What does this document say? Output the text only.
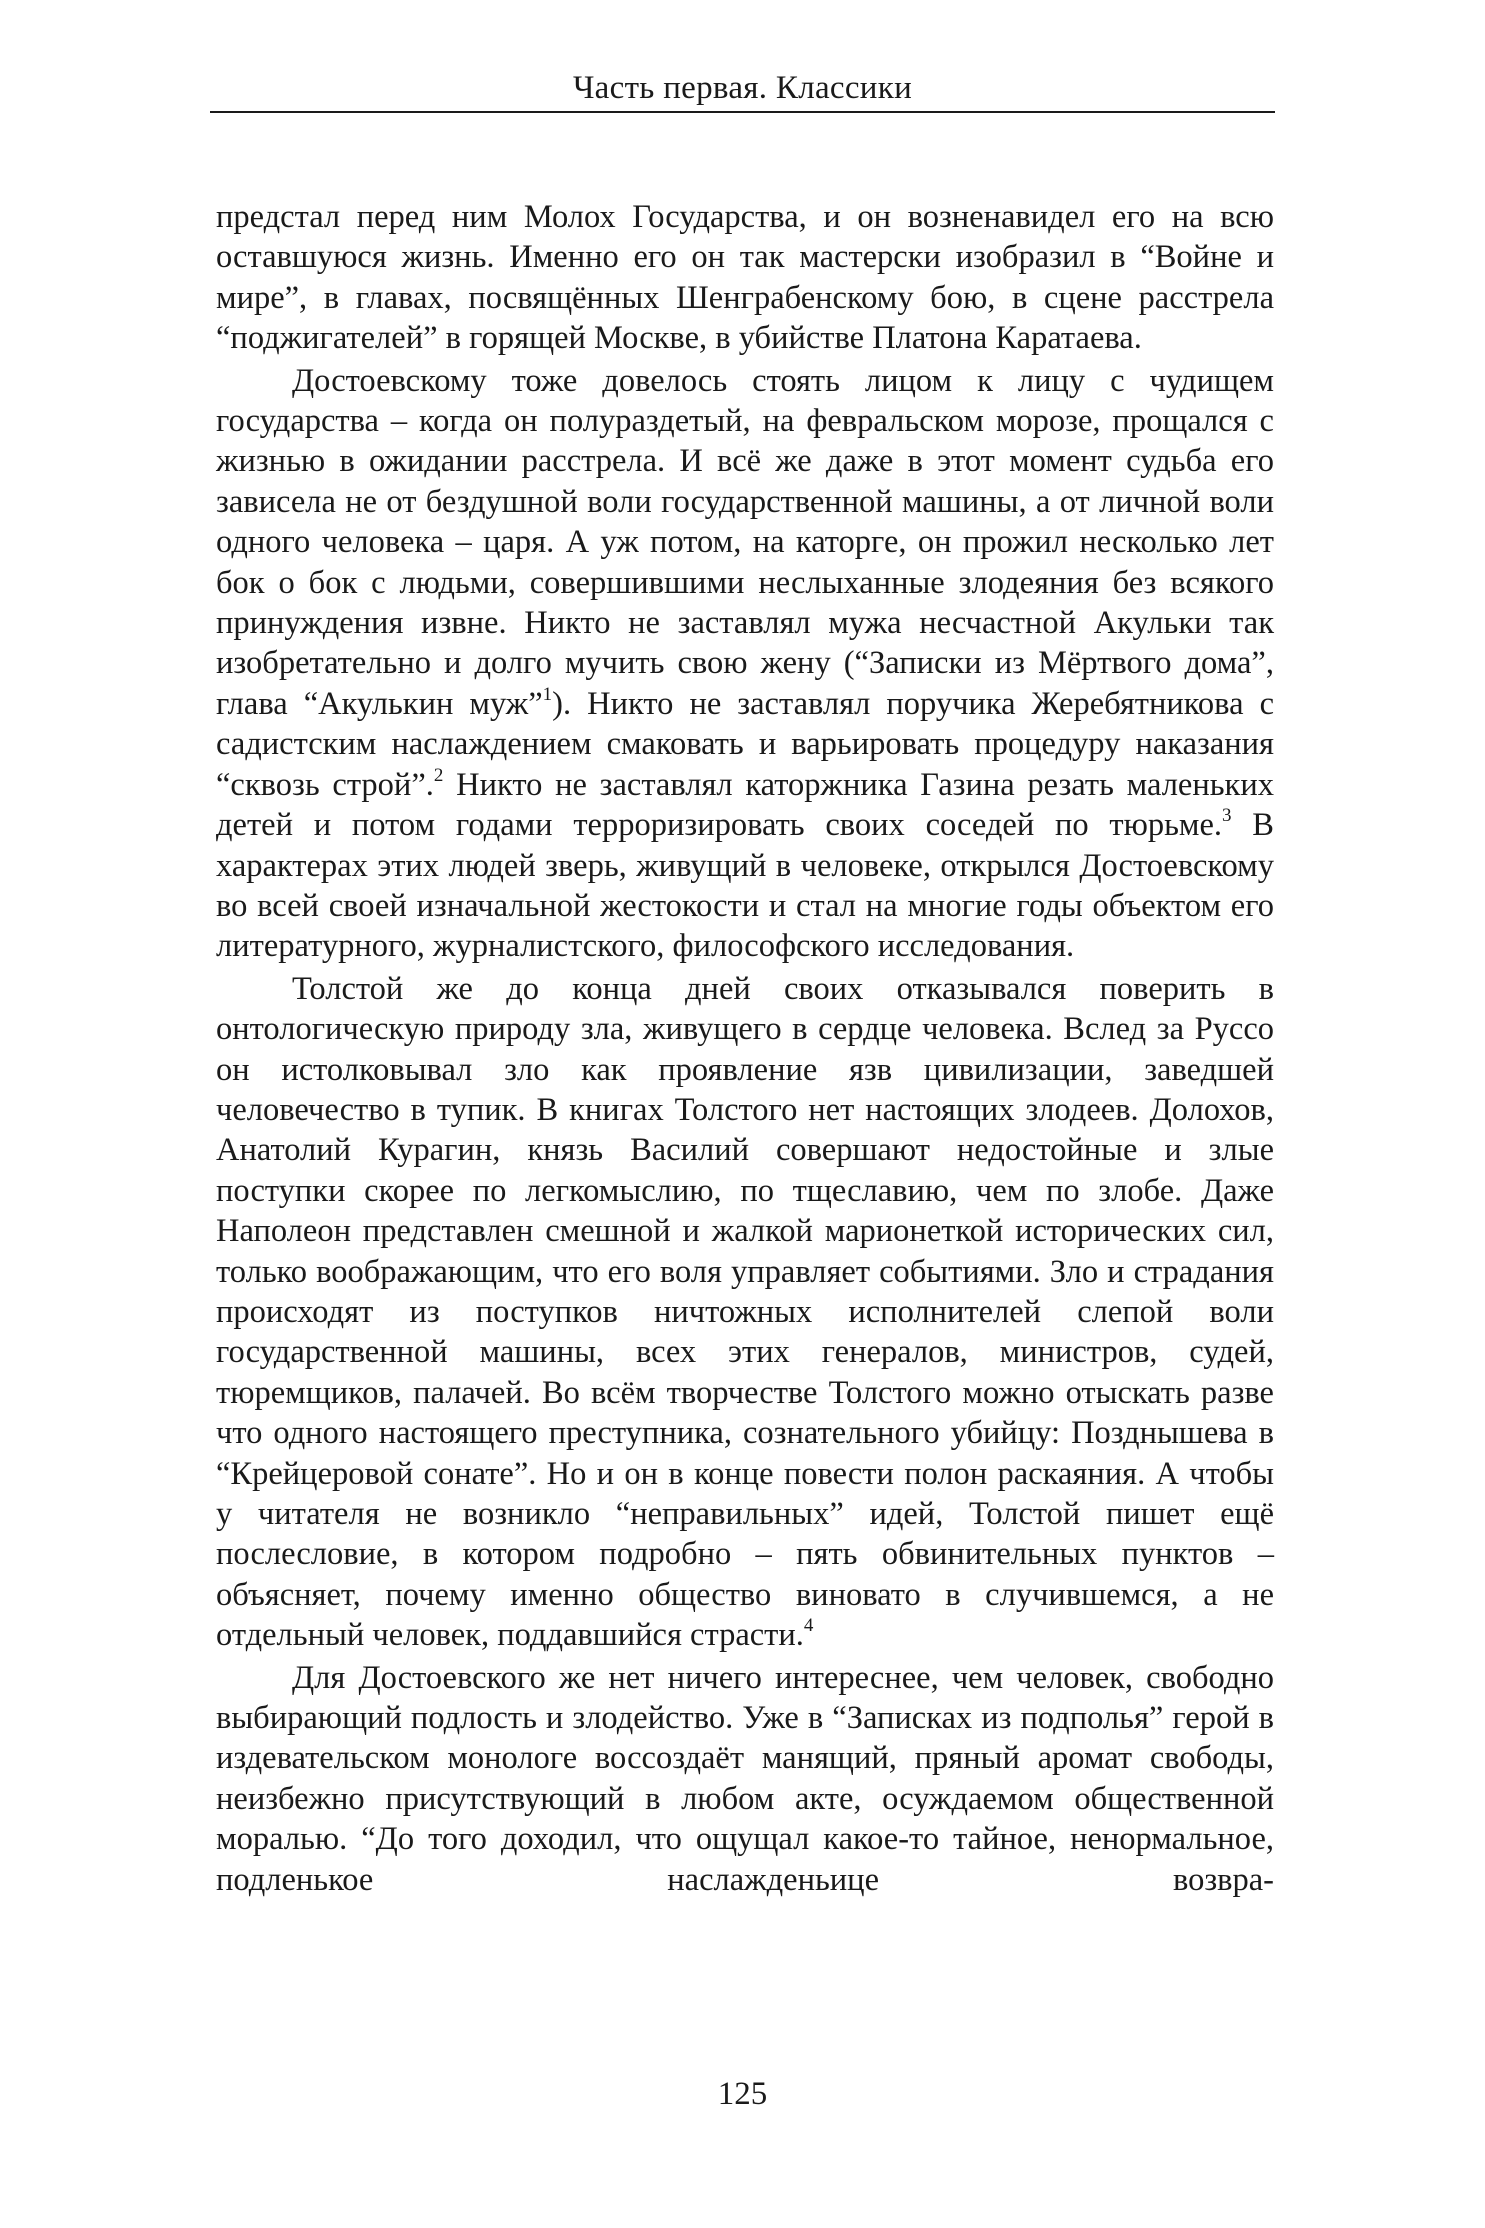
Часть первая. Классики

предстал перед ним Молох Государства, и он возненавидел его на всю оставшуюся жизнь. Именно его он так мастерски изобразил в “Войне и мире”, в главах, посвящённых Шенграбенскому бою, в сцене расстрела “поджигателей” в горящей Москве, в убийстве Платона Каратаева.

Достоевскому тоже довелось стоять лицом к лицу с чудищем государства – когда он полураздетый, на февральском морозе, прощался с жизнью в ожидании расстрела. И всё же даже в этот момент судьба его зависела не от бездушной воли государственной машины, а от личной воли одного человека – царя. А уж потом, на каторге, он прожил несколько лет бок о бок с людьми, совершившими неслыханные злодеяния без всякого принуждения извне. Никто не заставлял мужа несчастной Акульки так изобретательно и долго мучить свою жену (“Записки из Мёртвого дома”, глава “Акулькин муж”$^1$). Никто не заставлял поручика Жеребятникова с садистским наслаждением смаковать и варьировать процедуру наказания “сквозь строй”.$^2$ Никто не заставлял каторжника Газина резать маленьких детей и потом годами терроризировать своих соседей по тюрьме.$^3$ В характерах этих людей зверь, живущий в человеке, открылся Достоевскому во всей своей изначальной жестокости и стал на многие годы объектом его литературного, журналистского, философского исследования.

Толстой же до конца дней своих отказывался поверить в онтологическую природу зла, живущего в сердце человека. Вслед за Руссо он истолковывал зло как проявление язв цивилизации, заведшей человечество в тупик. В книгах Толстого нет настоящих злодеев. Долохов, Анатолий Курагин, князь Василий совершают недостойные и злые поступки скорее по легкомыслию, по тщеславию, чем по злобе. Даже Наполеон представлен смешной и жалкой марионеткой исторических сил, только воображающим, что его воля управляет событиями. Зло и страдания происходят из поступков ничтожных исполнителей слепой воли государственной машины, всех этих генералов, министров, судей, тюремщиков, палачей. Во всём творчестве Толстого можно отыскать разве что одного настоящего преступника, сознательного убийцу: Позднышева в “Крейцеровой сонате”. Но и он в конце повести полон раскаяния. А чтобы у читателя не возникло “неправильных” идей, Толстой пишет ещё послесловие, в котором подробно – пять обвинительных пунктов – объясняет, почему именно общество виновато в случившемся, а не отдельный человек, поддавшийся страсти.$^4$

Для Достоевского же нет ничего интереснее, чем человек, свободно выбирающий подлость и злодейство. Уже в “Записках из подполья” герой в издевательском монологе воссоздаёт манящий, пряный аромат свободы, неизбежно присутствующий в любом акте, осуждаемом общественной моралью. “До того доходил, что ощущал какое-то тайное, ненормальное, подленькое наслажденьице возвра-

125
